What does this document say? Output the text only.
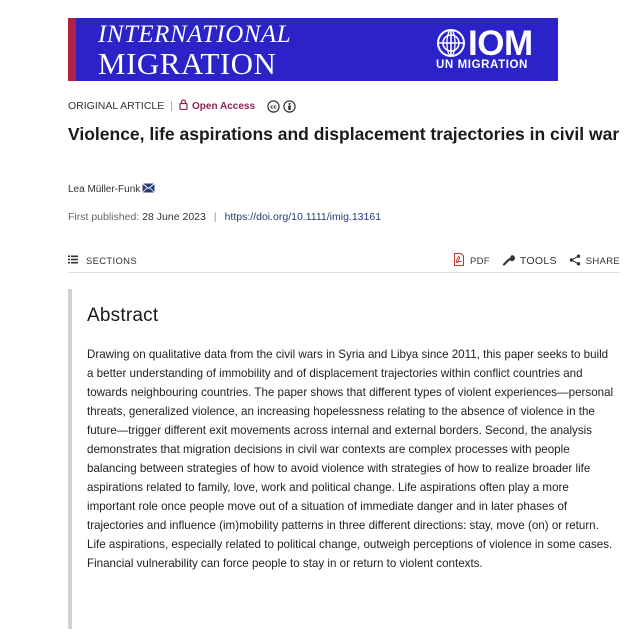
INTERNATIONAL
MIGRATION
IOM
UN MIGRATION
ORIGINAL ARTICLE | Open Access	cc
Violence, life aspirations and displacement trajectories in civil war
Lea Müller-Funk
First published: 28 June 2023 | https://doi.org/10.1111/imig.13161
SECTIONS	PDF	TOOLS	SHARE
Abstract

Drawing on qualitative data from the civil wars in Syria and Libya since 2011, this paper seeks to build a better understanding of immobility and of displacement trajectories within conflict countries and towards neighbouring countries. The paper shows that different types of violent experiences—personal threats, generalized violence, an increasing hopelessness relating to the absence of violence in the future—trigger different exit movements across internal and external borders. Second, the analysis demonstrates that migration decisions in civil war contexts are complex processes with people balancing between strategies of how to avoid violence with strategies of how to realize broader life aspirations related to family, love, work and political change. Life aspirations often play a more important role once people move out of a situation of immediate danger and in later phases of trajectories and influence (im)mobility patterns in three different directions: stay, move (on) or return. Life aspirations, especially related to political change, outweigh perceptions of violence in some cases. Financial vulnerability can force people to stay in or return to violent contexts.
